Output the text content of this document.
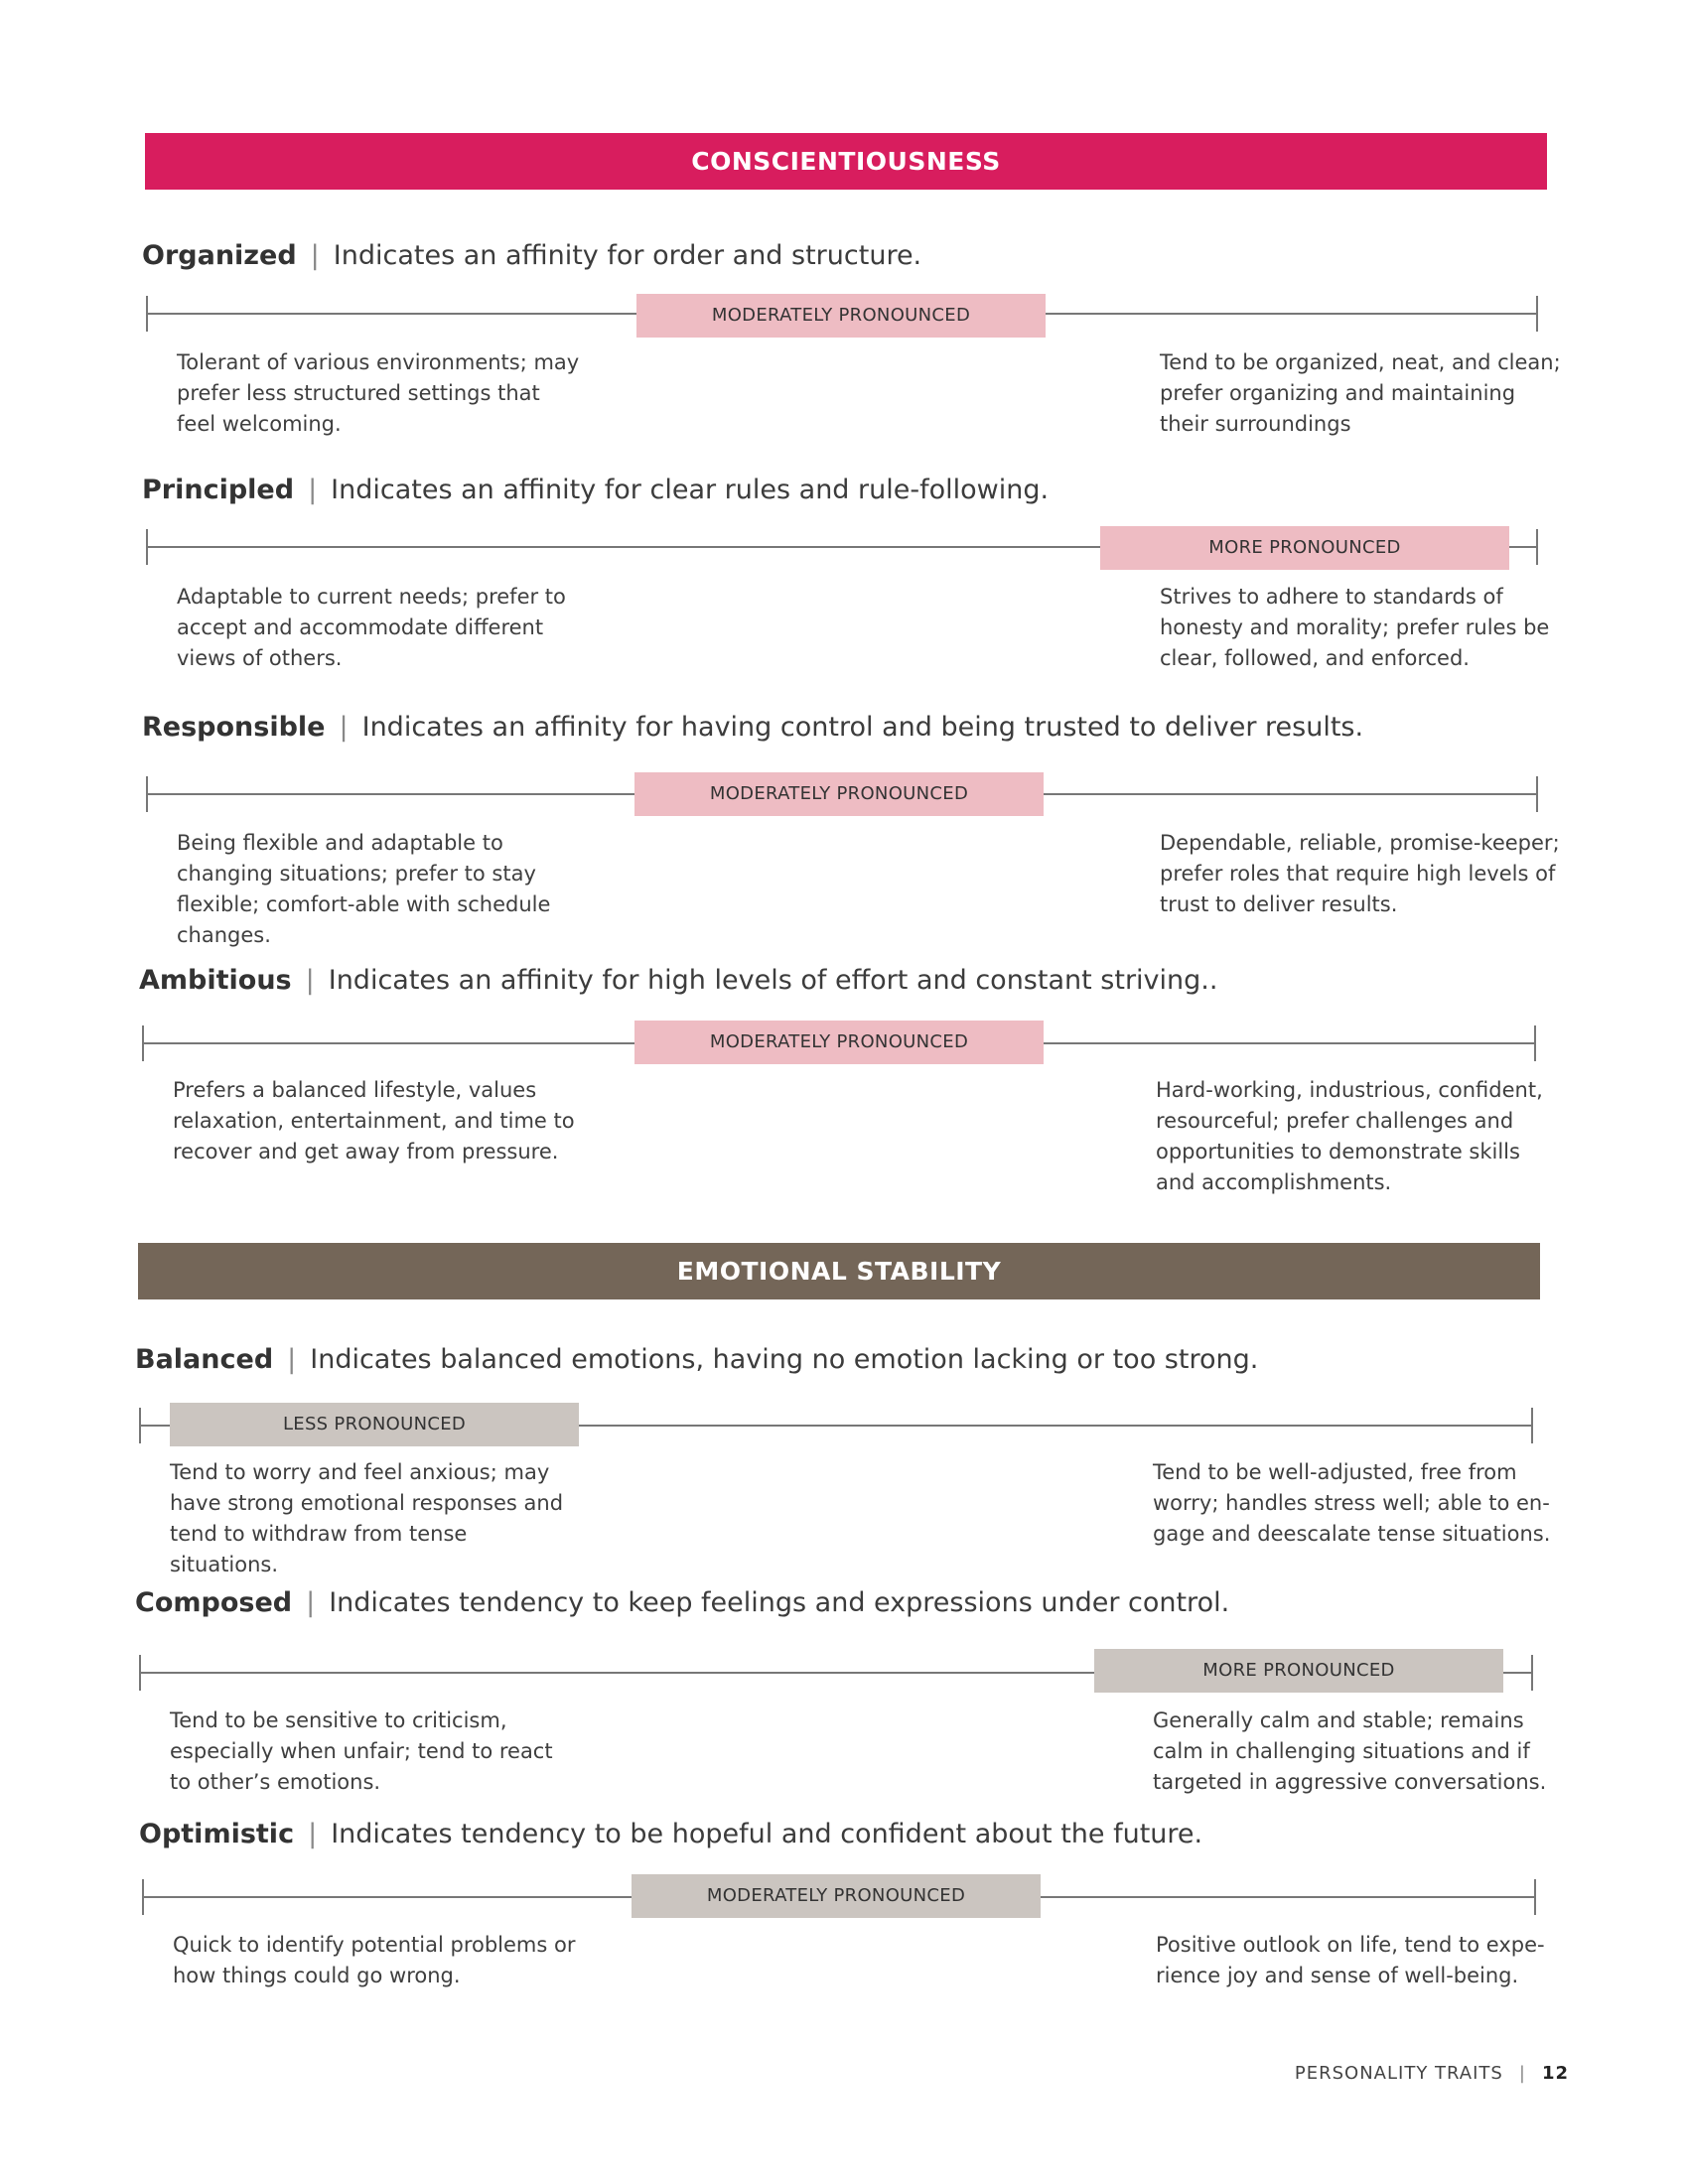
CONSCIENTIOUSNESS
EMOTIONAL STABILITY
Organized | Indicates an affinity for order and structure.
MODERATELY PRONOUNCED

Tolerant of various environments; may prefer less structured settings that feel welcoming.

Tend to be organized, neat, and clean; prefer organizing and maintaining their surroundings

Principled | Indicates an affinity for clear rules and rule-following.
MORE PRONOUNCED

Adaptable to current needs; prefer to accept and accommodate different views of others.

Strives to adhere to standards of honesty and morality; prefer rules be clear, followed, and enforced.

Responsible | Indicates an affinity for having control and being trusted to deliver results.
MODERATELY PRONOUNCED

Being flexible and adaptable to changing situations; prefer to stay flexible; comfort-able with schedule changes.

Dependable, reliable, promise-keeper; prefer roles that require high levels of trust to deliver results.

Ambitious | Indicates an affinity for high levels of effort and constant striving..
MODERATELY PRONOUNCED

Prefers a balanced lifestyle, values relaxation, entertainment, and time to recover and get away from pressure.

Hard-working, industrious, confident, resourceful; prefer challenges and opportunities to demonstrate skills and accomplishments.

Balanced | Indicates balanced emotions, having no emotion lacking or too strong.
LESS PRONOUNCED

Tend to worry and feel anxious; may have strong emotional responses and tend to withdraw from tense situations.

Tend to be well-adjusted, free from worry; handles stress well; able to en-gage and deescalate tense situations.

Composed | Indicates tendency to keep feelings and expressions under control.
MORE PRONOUNCED

Tend to be sensitive to criticism, especially when unfair; tend to react to other’s emotions.

Generally calm and stable; remains calm in challenging situations and if targeted in aggressive conversations.

Optimistic | Indicates tendency to be hopeful and confident about the future.
MODERATELY PRONOUNCED

Quick to identify potential problems or how things could go wrong.

Positive outlook on life, tend to expe-rience joy and sense of well-being.

PERSONALITY TRAITS | 12
